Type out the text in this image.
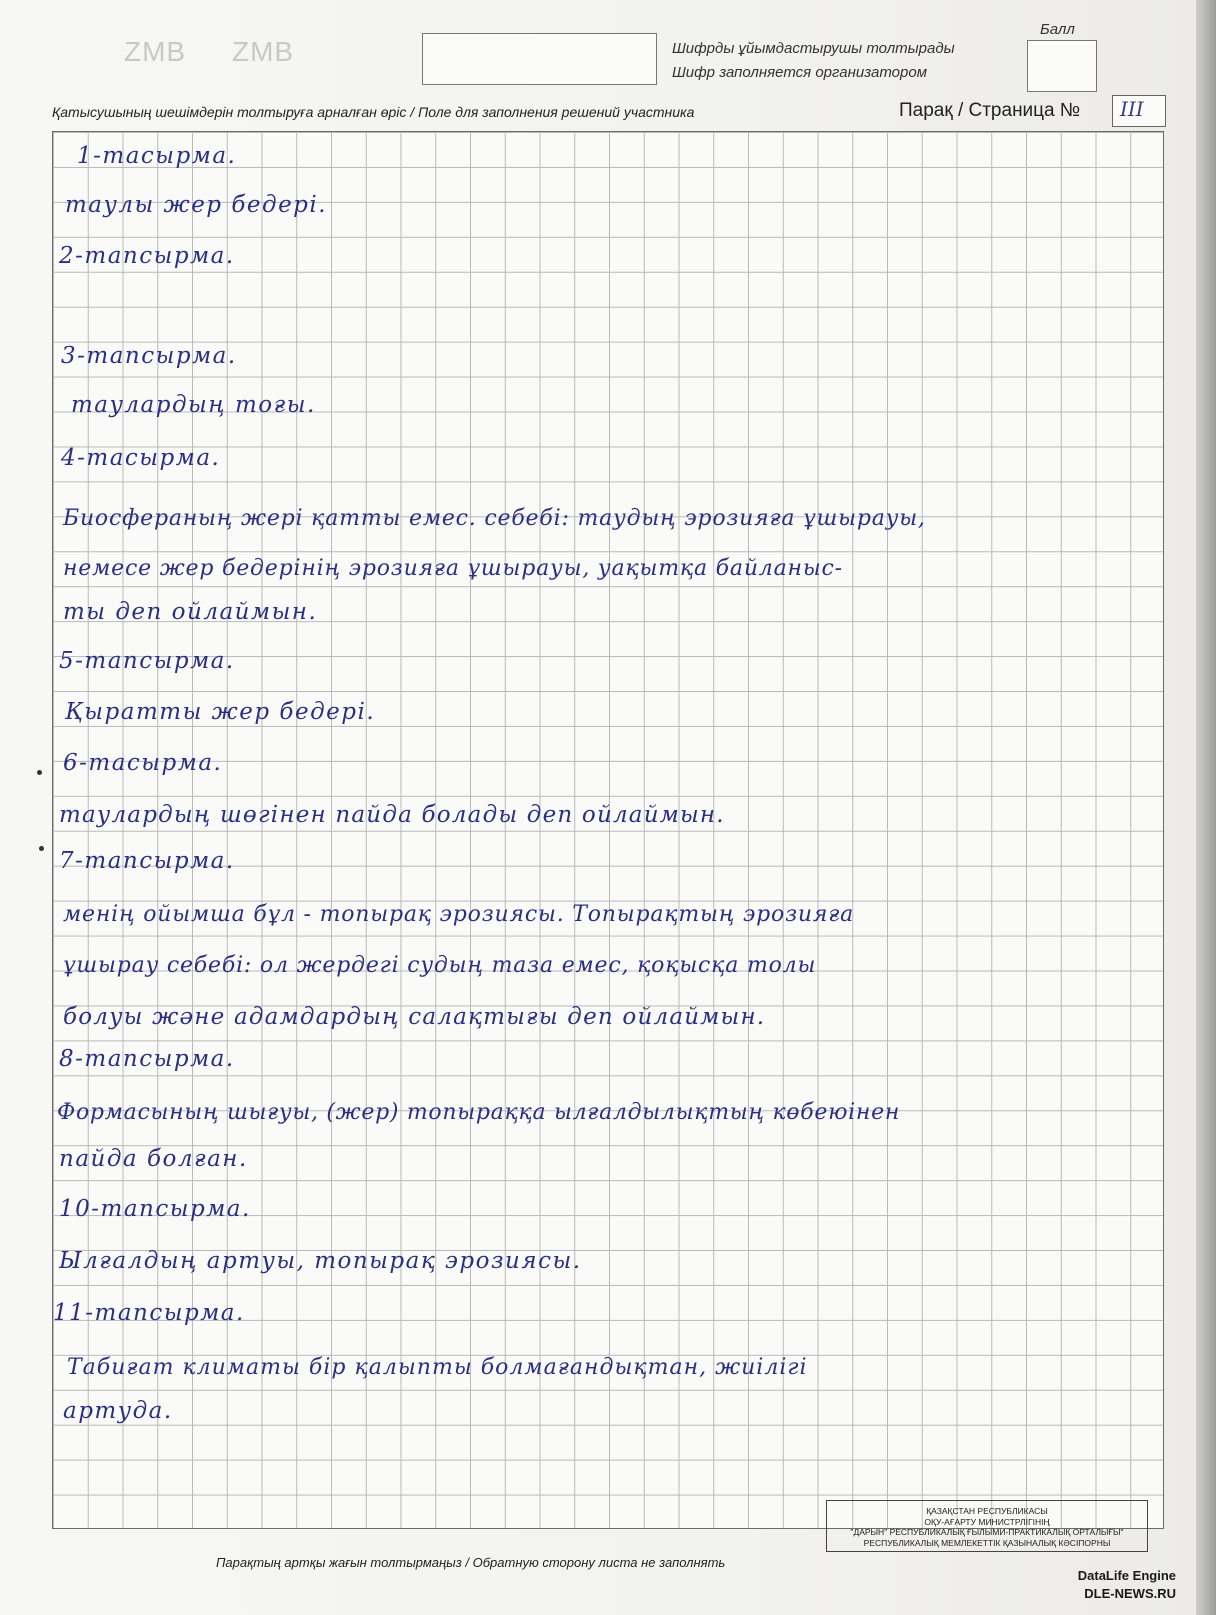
ZMB ZMB	Шифрды ұйымдастырушы толтырады
Шифр заполняется организатором
Балл
Қатысушының шешімдерін толтыруға арналған өріс / Поле для заполнения решений участника	Парақ / Страница № III
1-тасырма.
таулы жер бедері.
2-тапсырма.
3-тапсырма.
таулардың тоғы.
4-тасырма.
Биосфераның жері қатты емес. себебі: таудың эрозияға ұшырауы,
немесе жер бедерінің эрозияға ұшырауы, уақытқа байланыс-
ты деп ойлаймын.
5-тапсырма.
Қыратты жер бедері.
6-тасырма.
таулардың шөгінен пайда болады деп ойлаймын.
7-тапсырма.
менің ойымша бұл - топырақ эрозиясы. Топырақтың эрозияға
ұшырау себебі: ол жердегі судың таза емес, қоқысқа толы
болуы және адамдардың салақтығы деп ойлаймын.
8-тапсырма.
Формасының шығуы, (жер) топыраққа ылғалдылықтың көбеюінен
пайда болған.
10-тапсырма.
Ылғалдың артуы, топырақ эрозиясы.
11-тапсырма.
Табиғат климаты бір қалыпты болмағандықтан, жиілігі
артуда.
Парақтың артқы жағын толтырмаңыз / Обратную сторону листа не заполнять
ҚАЗАҚСТАН РЕСПУБЛИКАСЫ
ОҚУ-АҒАРТУ МИНИСТРЛІГІНІҢ
"ДАРЫН" РЕСПУБЛИКАЛЫҚ ҒЫЛЫМИ-ПРАКТИКАЛЫҚ ОРТАЛЫҒЫ"
РЕСПУБЛИКАЛЫҚ МЕМЛЕКЕТТІК ҚАЗЫНАЛЫҚ КӘСІПОРНЫ
DataLife Engine
DLE-NEWS.RU
